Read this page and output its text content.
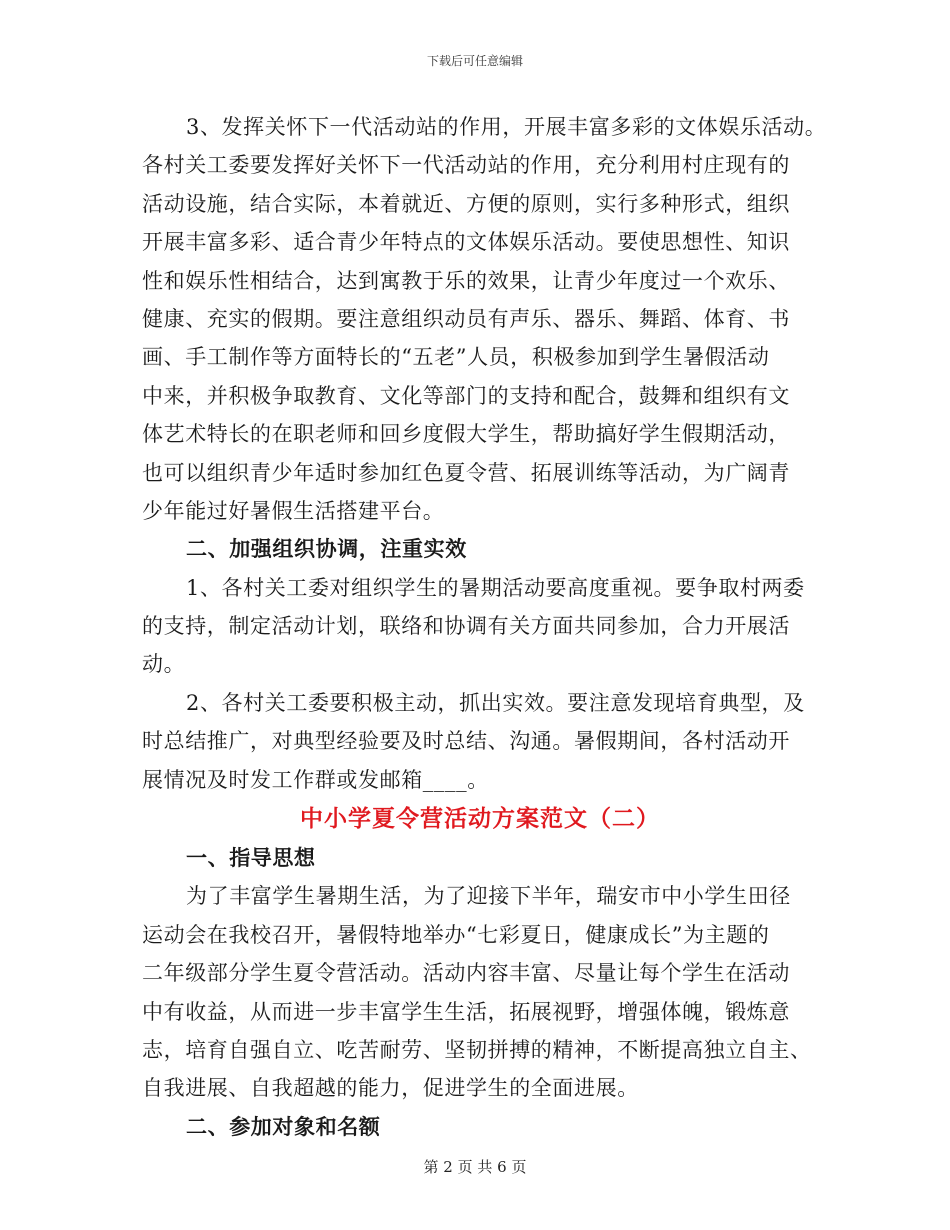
下载后可任意编辑
3、发挥关怀下一代活动站的作用，开展丰富多彩的文体娱乐活动。
各村关工委要发挥好关怀下一代活动站的作用，充分利用村庄现有的
活动设施，结合实际，本着就近、方便的原则，实行多种形式，组织
开展丰富多彩、适合青少年特点的文体娱乐活动。要使思想性、知识
性和娱乐性相结合，达到寓教于乐的效果，让青少年度过一个欢乐、
健康、充实的假期。要注意组织动员有声乐、器乐、舞蹈、体育、书
画、手工制作等方面特长的“五老”人员，积极参加到学生暑假活动
中来，并积极争取教育、文化等部门的支持和配合，鼓舞和组织有文
体艺术特长的在职老师和回乡度假大学生，帮助搞好学生假期活动，
也可以组织青少年适时参加红色夏令营、拓展训练等活动，为广阔青
少年能过好暑假生活搭建平台。
二、加强组织协调，注重实效
1、各村关工委对组织学生的暑期活动要高度重视。要争取村两委
的支持，制定活动计划，联络和协调有关方面共同参加，合力开展活
动。
2、各村关工委要积极主动，抓出实效。要注意发现培育典型，及
时总结推广，对典型经验要及时总结、沟通。暑假期间，各村活动开
展情况及时发工作群或发邮箱____。
中小学夏令营活动方案范文（二）
一、指导思想
为了丰富学生暑期生活，为了迎接下半年，瑞安市中小学生田径
运动会在我校召开，暑假特地举办“七彩夏日，健康成长”为主题的
二年级部分学生夏令营活动。活动内容丰富、尽量让每个学生在活动
中有收益，从而进一步丰富学生生活，拓展视野，增强体魄，锻炼意
志，培育自强自立、吃苦耐劳、坚韧拼搏的精神，不断提高独立自主、
自我进展、自我超越的能力，促进学生的全面进展。
二、参加对象和名额
第 2 页 共 6 页
